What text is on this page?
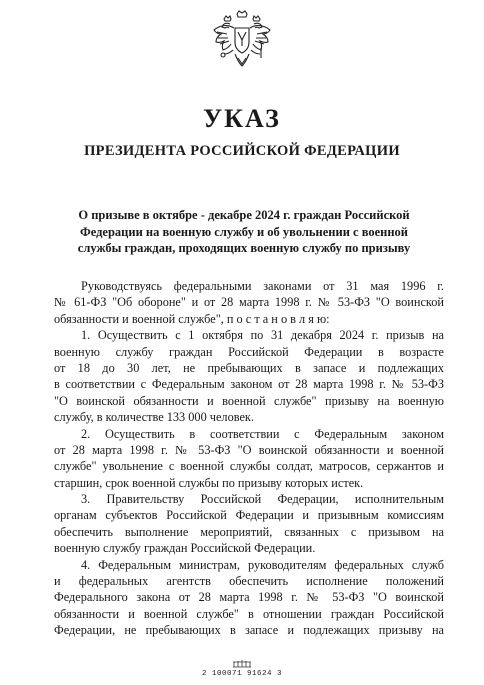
УКАЗ
ПРЕЗИДЕНТА РОССИЙСКОЙ ФЕДЕРАЦИИ
О призыве в октябре - декабре 2024 г. граждан Российской
Федерации на военную службу и об увольнении с военной
службы граждан, проходящих военную службу по призыву
Руководствуясь федеральными законами от 31 мая 1996 г.
№ 61-ФЗ "Об обороне" и от 28 марта 1998 г. № 53-ФЗ "О воинской
обязанности и военной службе", п о с т а н о в л я ю:
1. Осуществить с 1 октября по 31 декабря 2024 г. призыв на
военную службу граждан Российской Федерации в возрасте
от 18 до 30 лет, не пребывающих в запасе и подлежащих
в соответствии с Федеральным законом от 28 марта 1998 г. № 53-ФЗ
"О воинской обязанности и военной службе" призыву на военную
службу, в количестве 133 000 человек.
2. Осуществить в соответствии с Федеральным законом
от 28 марта 1998 г. № 53-ФЗ "О воинской обязанности и военной
службе" увольнение с военной службы солдат, матросов, сержантов и
старшин, срок военной службы по призыву которых истек.
3. Правительству Российской Федерации, исполнительным
органам субъектов Российской Федерации и призывным комиссиям
обеспечить выполнение мероприятий, связанных с призывом на
военную службу граждан Российской Федерации.
4. Федеральным министрам, руководителям федеральных служб
и федеральных агентств обеспечить исполнение положений
Федерального закона от 28 марта 1998 г. № 53-ФЗ "О воинской
обязанности и военной службе" в отношении граждан Российской
Федерации, не пребывающих в запасе и подлежащих призыву на
2 100071 91624 3
